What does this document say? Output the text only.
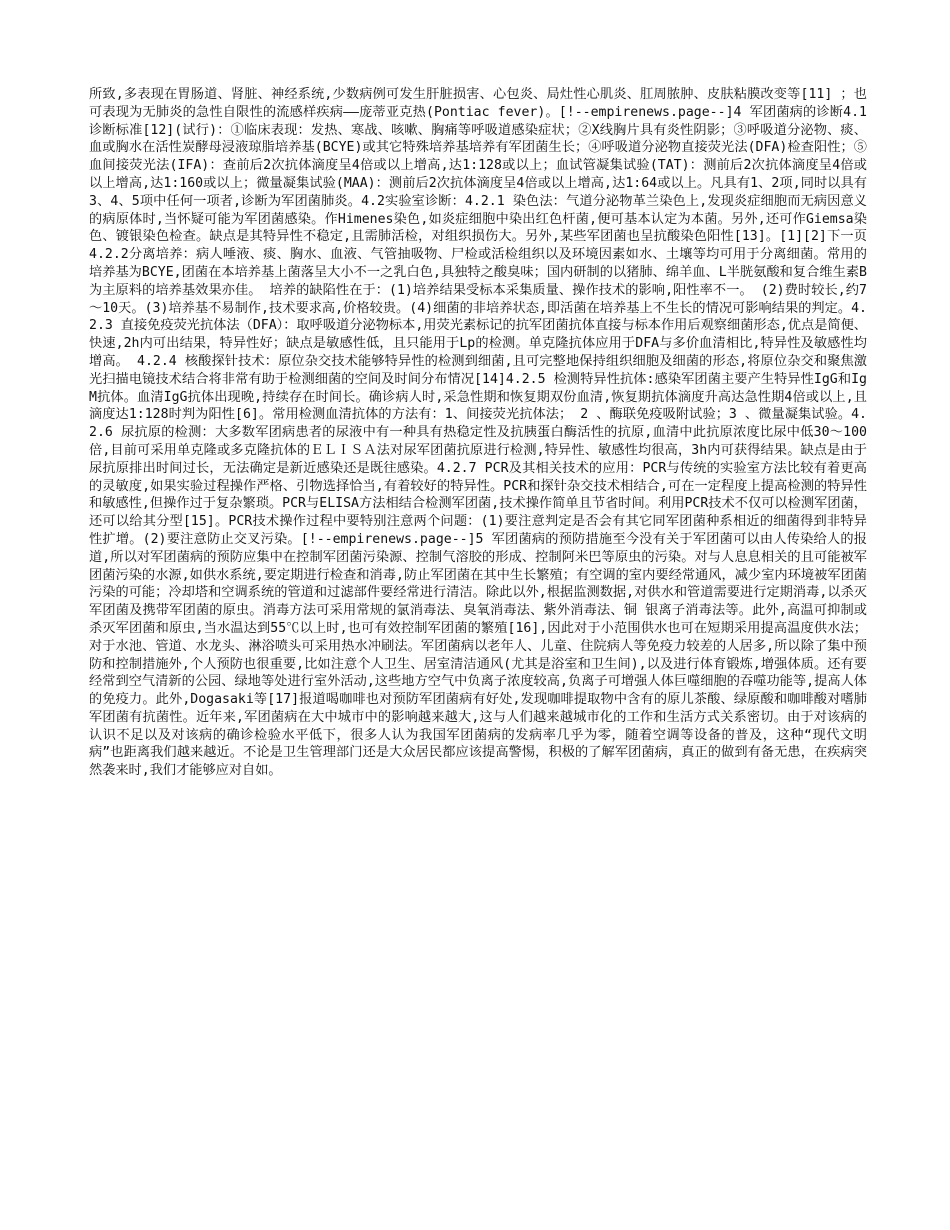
所致,多表现在胃肠道、肾脏、神经系统,少数病例可发生肝脏损害、心包炎、局灶性心肌炎、肛周脓肿、皮肤粘膜改变等[11] ；也可表现为无肺炎的急性自限性的流感样疾病——庞蒂亚克热(Pontiac fever)。[!--empirenews.page--]4 军团菌病的诊断4.1 诊断标准[12](试行)：①临床表现：发热、寒战、咳嗽、胸痛等呼吸道感染症状；②X线胸片具有炎性阴影；③呼吸道分泌物、痰、血或胸水在活性炭酵母浸液琼脂培养基(BCYE)或其它特殊培养基培养有军团菌生长；④呼吸道分泌物直接荧光法(DFA)检查阳性；⑤血间接荧光法(IFA)：查前后2次抗体滴度呈4倍或以上增高,达1:128或以上；血试管凝集试验(TAT)：测前后2次抗体滴度呈4倍或以上增高,达1:160或以上；微量凝集试验(MAA)：测前后2次抗体滴度呈4倍或以上增高,达1:64或以上。凡具有1、2项,同时以具有3、4、5项中任何一项者,诊断为军团菌肺炎。4.2实验室诊断：4.2.1 染色法：气道分泌物革兰染色上,发现炎症细胞而无病因意义的病原体时,当怀疑可能为军团菌感染。作Himenes染色,如炎症细胞中染出红色杆菌,便可基本认定为本菌。另外,还可作Giemsa染色、镀银染色检查。缺点是其特异性不稳定,且需肺活检，对组织损伤大。另外,某些军团菌也呈抗酸染色阳性[13]。[1][2]下一页 4.2.2分离培养：病人唾液、痰、胸水、血液、气管抽吸物、尸检或活检组织以及环境因素如水、土壤等均可用于分离细菌。常用的培养基为BCYE,团菌在本培养基上菌落呈大小不一之乳白色,具独特之酸臭味；国内研制的以猪肺、绵羊血、L半胱氨酸和复合维生素B为主原料的培养基效果亦佳。 培养的缺陷性在于：(1)培养结果受标本采集质量、操作技术的影响,阳性率不一。 (2)费时较长,约7～10天。(3)培养基不易制作,技术要求高,价格较贵。(4)细菌的非培养状态,即活菌在培养基上不生长的情况可影响结果的判定。4.2.3 直接免疫荧光抗体法（DFA）：取呼吸道分泌物标本,用荧光素标记的抗军团菌抗体直接与标本作用后观察细菌形态,优点是简便、快速,2h内可出结果，特异性好；缺点是敏感性低，且只能用于Lp的检测。单克隆抗体应用于DFA与多价血清相比,特异性及敏感性均增高。 4.2.4 核酸探针技术：原位杂交技术能够特异性的检测到细菌,且可完整地保持组织细胞及细菌的形态,将原位杂交和聚焦激光扫描电镜技术结合将非常有助于检测细菌的空间及时间分布情况[14]4.2.5 检测特异性抗体:感染军团菌主要产生特异性IgG和IgM抗体。血清IgG抗体出现晚,持续存在时间长。确诊病人时,采急性期和恢复期双份血清,恢复期抗体滴度升高达急性期4倍或以上,且滴度达1:128时判为阳性[6]。常用检测血清抗体的方法有：1、间接荧光抗体法； 2 、酶联免疫吸附试验；3 、微量凝集试验。4.2.6 尿抗原的检测：大多数军团病患者的尿液中有一种具有热稳定性及抗胰蛋白酶活性的抗原,血清中此抗原浓度比尿中低30～100倍,目前可采用单克隆或多克隆抗体的ＥＬＩＳＡ法对尿军团菌抗原进行检测,特异性、敏感性均很高，3h内可获得结果。缺点是由于尿抗原排出时间过长，无法确定是新近感染还是既往感染。4.2.7 PCR及其相关技术的应用：PCR与传统的实验室方法比较有着更高的灵敏度,如果实验过程操作严格、引物选择恰当,有着较好的特异性。PCR和探针杂交技术相结合,可在一定程度上提高检测的特异性和敏感性,但操作过于复杂繁琐。PCR与ELISA方法相结合检测军团菌,技术操作简单且节省时间。利用PCR技术不仅可以检测军团菌，还可以给其分型[15]。PCR技术操作过程中要特别注意两个问题：(1)要注意判定是否会有其它同军团菌种系相近的细菌得到非特异性扩增。(2)要注意防止交叉污染。[!--empirenews.page--]5 军团菌病的预防措施至今没有关于军团菌可以由人传染给人的报道,所以对军团菌病的预防应集中在控制军团菌污染源、控制气溶胶的形成、控制阿米巴等原虫的污染。对与人息息相关的且可能被军团菌污染的水源,如供水系统,要定期进行检查和消毒,防止军团菌在其中生长繁殖；有空调的室内要经常通风，减少室内环境被军团菌污染的可能；冷却塔和空调系统的管道和过滤部件要经常进行清洁。除此以外,根据监测数据,对供水和管道需要进行定期消毒,以杀灭军团菌及携带军团菌的原虫。消毒方法可采用常规的氯消毒法、臭氧消毒法、紫外消毒法、铜 银离子消毒法等。此外,高温可抑制或杀灭军团菌和原虫,当水温达到55℃以上时,也可有效控制军团菌的繁殖[16],因此对于小范围供水也可在短期采用提高温度供水法；对于水池、管道、水龙头、淋浴喷头可采用热水冲刷法。军团菌病以老年人、儿童、住院病人等免疫力较差的人居多,所以除了集中预防和控制措施外,个人预防也很重要,比如注意个人卫生、居室清洁通风(尤其是浴室和卫生间),以及进行体育锻炼,增强体质。还有要经常到空气清新的公园、绿地等处进行室外活动,这些地方空气中负离子浓度较高,负离子可增强人体巨噬细胞的吞噬功能等,提高人体的免疫力。此外,Dogasaki等[17]报道喝咖啡也对预防军团菌病有好处,发现咖啡提取物中含有的原儿茶酸、绿原酸和咖啡酸对嗜肺军团菌有抗菌性。近年来,军团菌病在大中城市中的影响越来越大,这与人们越来越城市化的工作和生活方式关系密切。由于对该病的认识不足以及对该病的确诊检验水平低下，很多人认为我国军团菌病的发病率几乎为零，随着空调等设备的普及，这种“现代文明病”也距离我们越来越近。不论是卫生管理部门还是大众居民都应该提高警惕，积极的了解军团菌病，真正的做到有备无患，在疾病突然袭来时,我们才能够应对自如。
